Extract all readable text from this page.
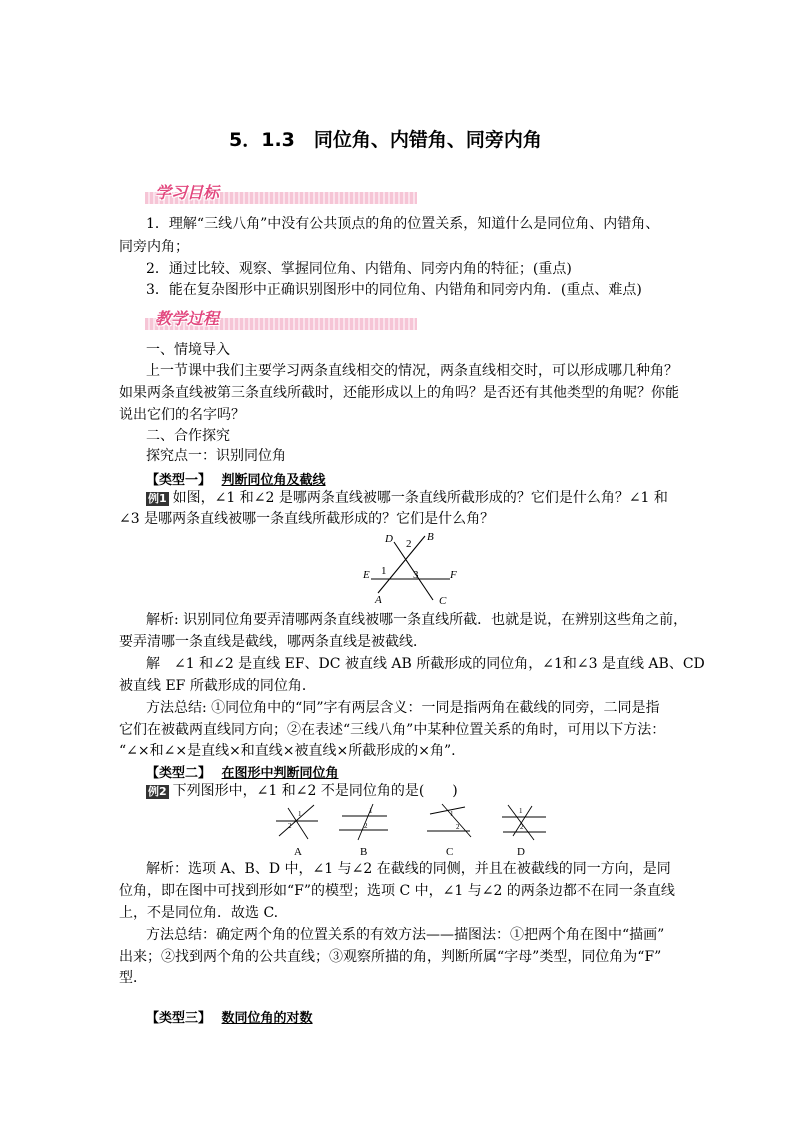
5．1.3　同位角、内错角、同旁内角
学习目标
1．理解“三线八角”中没有公共顶点的角的位置关系，知道什么是同位角、内错角、
同旁内角；
2．通过比较、观察、掌握同位角、内错角、同旁内角的特征；(重点)
3．能在复杂图形中正确识别图形中的同位角、内错角和同旁内角．(重点、难点)
教学过程
一、情境导入
上一节课中我们主要学习两条直线相交的情况，两条直线相交时，可以形成哪几种角？
如果两条直线被第三条直线所截时，还能形成以上的角吗？是否还有其他类型的角呢？你能
说出它们的名字吗？
二、合作探究
探究点一：识别同位角
【类型一】 判断同位角及截线
例1 如图，∠1 和∠2 是哪两条直线被哪一条直线所截形成的？它们是什么角？∠1 和
∠3 是哪两条直线被哪一条直线所截形成的？它们是什么角？
D 2
B
E 1 3	F
A	C
解析: 识别同位角要弄清哪两条直线被哪一条直线所截．也就是说，在辨别这些角之前，
要弄清哪一条直线是截线，哪两条直线是被截线．
解　∠1 和∠2 是直线 EF、DC 被直线 AB 所截形成的同位角，∠1和∠3 是直线 AB、CD
被直线 EF 所截形成的同位角．
方法总结: ①同位角中的“同”字有两层含义：一同是指两角在截线的同旁，二同是指
它们在被截两直线同方向；②在表述“三线八角”中某种位置关系的角时，可用以下方法：
“∠×和∠×是直线×和直线×被直线×所截形成的×角”.
【类型二】 在图形中判断同位角
例2 下列图形中，∠1 和∠2 不是同位角的是(　　)
1
2
A
1
2
B
1
2
C
1
2
D
解析：选项 A、B、D 中，∠1 与∠2 在截线的同侧，并且在被截线的同一方向，是同
位角，即在图中可找到形如“F”的模型；选项 C 中，∠1 与∠2 的两条边都不在同一条直线
上，不是同位角．故选 C.
方法总结：确定两个角的位置关系的有效方法——描图法：①把两个角在图中“描画”
出来；②找到两个角的公共直线；③观察所描的角，判断所属“字母”类型，同位角为“F”
型．
【类型三】 数同位角的对数
